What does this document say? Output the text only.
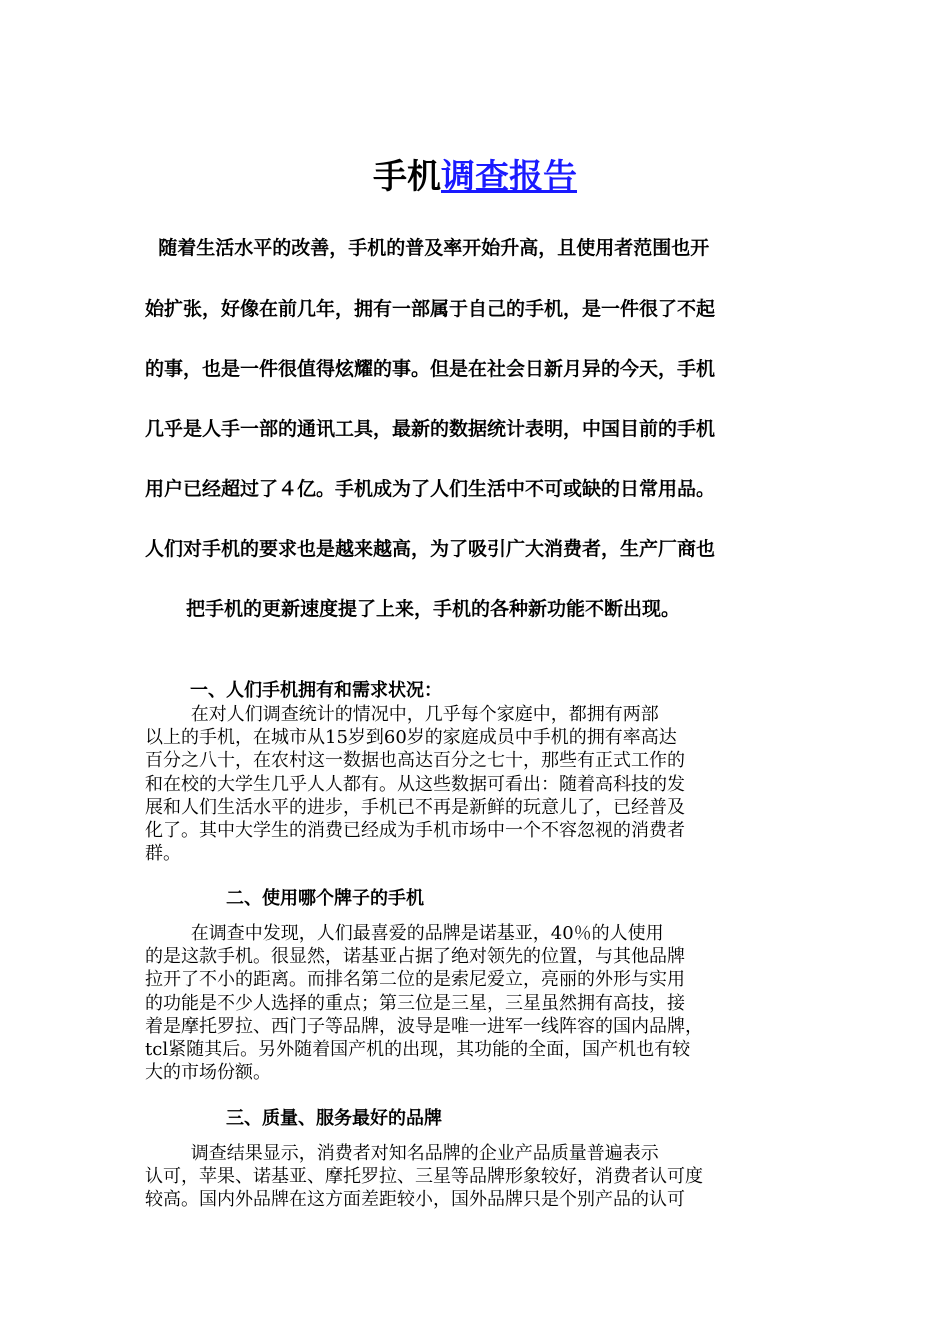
手机调查报告
随着生活水平的改善，手机的普及率开始升高，且使用者范围也开
始扩张，好像在前几年，拥有一部属于自己的手机，是一件很了不起
的事，也是一件很值得炫耀的事。但是在社会日新月异的今天，手机
几乎是人手一部的通讯工具，最新的数据统计表明，中国目前的手机
用户已经超过了４亿。手机成为了人们生活中不可或缺的日常用品。
人们对手机的要求也是越来越高，为了吸引广大消费者，生产厂商也
把手机的更新速度提了上来，手机的各种新功能不断出现。
一、人们手机拥有和需求状况：
在对人们调查统计的情况中，几乎每个家庭中，都拥有两部
以上的手机，在城市从15岁到60岁的家庭成员中手机的拥有率高达
百分之八十，在农村这一数据也高达百分之七十，那些有正式工作的
和在校的大学生几乎人人都有。从这些数据可看出：随着高科技的发
展和人们生活水平的进步，手机已不再是新鲜的玩意儿了，已经普及
化了。其中大学生的消费已经成为手机市场中一个不容忽视的消费者
群。
二、使用哪个牌子的手机
在调查中发现，人们最喜爱的品牌是诺基亚，40％的人使用
的是这款手机。很显然，诺基亚占据了绝对领先的位置，与其他品牌
拉开了不小的距离。而排名第二位的是索尼爱立，亮丽的外形与实用
的功能是不少人选择的重点；第三位是三星，三星虽然拥有高技，接
着是摩托罗拉、西门子等品牌，波导是唯一进军一线阵容的国内品牌，
tcl紧随其后。另外随着国产机的出现，其功能的全面，国产机也有较
大的市场份额。
三、质量、服务最好的品牌
调查结果显示，消费者对知名品牌的企业产品质量普遍表示
认可，苹果、诺基亚、摩托罗拉、三星等品牌形象较好，消费者认可度
较高。国内外品牌在这方面差距较小，国外品牌只是个别产品的认可
